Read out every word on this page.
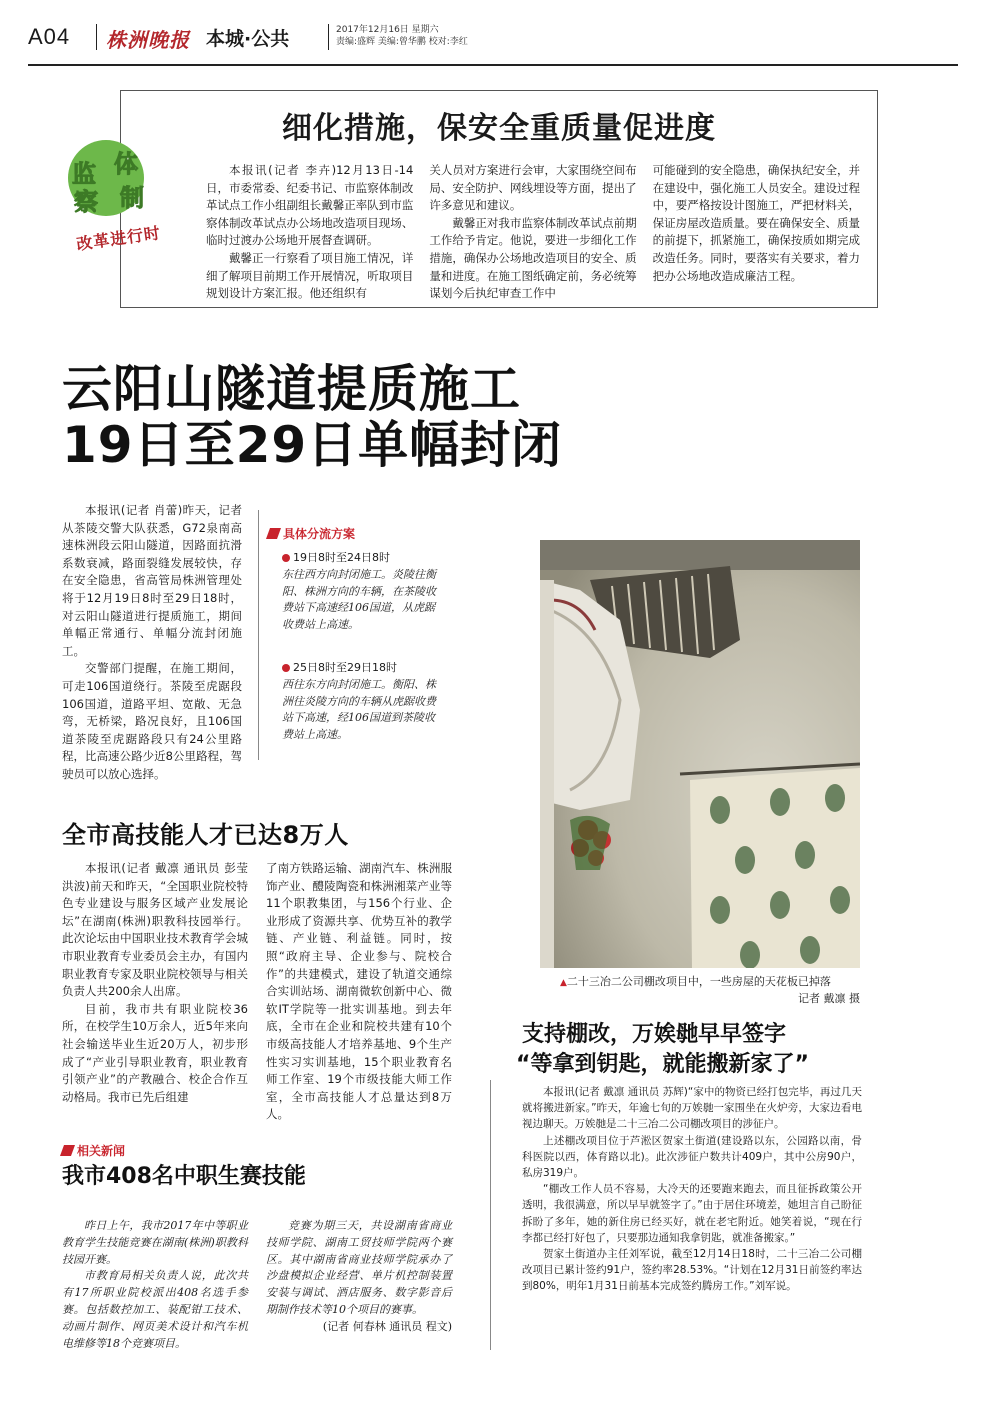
A04 株洲晚报 本城·公共	2017年12月16日 星期六
责编:盛辉 美编:曾华鹏 校对:李红
细化措施，保安全重质量促进度
监 体
察 制
改革进行时

本报讯(记者 李卉)12月13日-14日，市委常委、纪委书记、市监察体制改革试点工作小组副组长戴馨正率队到市监察体制改革试点办公场地改造项目现场、临时过渡办公场地开展督查调研。

戴馨正一行察看了项目施工情况，详细了解项目前期工作开展情况，听取项目规划设计方案汇报。他还组织有

关人员对方案进行会审，大家围绕空间布局、安全防护、网线埋设等方面，提出了许多意见和建议。

戴馨正对我市监察体制改革试点前期工作给予肯定。他说，要进一步细化工作措施，确保办公场地改造项目的安全、质量和进度。在施工图纸确定前，务必统筹谋划今后执纪审查工作中

可能碰到的安全隐患，确保执纪安全，并在建设中，强化施工人员安全。建设过程中，要严格按设计图施工，严把材料关，保证房屋改造质量。要在确保安全、质量的前提下，抓紧施工，确保按质如期完成改造任务。同时，要落实有关要求，着力把办公场地改造成廉洁工程。

云阳山隧道提质施工
19日至29日单幅封闭

本报讯(记者 肖蕾)昨天，记者从茶陵交警大队获悉，G72泉南高速株洲段云阳山隧道，因路面抗滑系数衰减，路面裂缝发展较快，存在安全隐患，省高管局株洲管理处将于12月19日8时至29日18时，对云阳山隧道进行提质施工，期间单幅正常通行、单幅分流封闭施工。

交警部门提醒，在施工期间，可走106国道绕行。茶陵至虎踞段106国道，道路平坦、宽敞、无急弯，无桥梁，路况良好，且106国道茶陵至虎踞路段只有24公里路程，比高速公路少近8公里路程，驾驶员可以放心选择。

具体分流方案
19日8时至24日8时
东往西方向封闭施工。炎陵往衡阳、株洲方向的车辆，在茶陵收费站下高速经106国道，从虎踞收费站上高速。
25日8时至29日18时
西往东方向封闭施工。衡阳、株洲往炎陵方向的车辆从虎踞收费站下高速，经106国道到茶陵收费站上高速。
▲二十三冶二公司棚改项目中，一些房屋的天花板已掉落
记者 戴凛 摄
全市高技能人才已达8万人

本报讯(记者 戴凛 通讯员 彭莹 洪波)前天和昨天，“全国职业院校特色专业建设与服务区域产业发展论坛”在湖南(株洲)职教科技园举行。此次论坛由中国职业技术教育学会城市职业教育专业委员会主办，有国内职业教育专家及职业院校领导与相关负责人共200余人出席。

目前，我市共有职业院校36所，在校学生10万余人，近5年来向社会输送毕业生近20万人，初步形成了“产业引导职业教育，职业教育引领产业”的产教融合、校企合作互动格局。我市已先后组建

了南方铁路运输、湖南汽车、株洲服饰产业、醴陵陶瓷和株洲湘菜产业等11个职教集团，与156个行业、企业形成了资源共享、优势互补的教学链、产业链、利益链。同时，按照“政府主导、企业参与、院校合作”的共建模式，建设了轨道交通综合实训站场、湖南微软创新中心、微软IT学院等一批实训基地。到去年底，全市在企业和院校共建有10个市级高技能人才培养基地、9个生产性实习实训基地，15个职业教育名师工作室、19个市级技能大师工作室，全市高技能人才总量达到8万人。

相关新闻
我市408名中职生赛技能

昨日上午，我市2017年中等职业教育学生技能竞赛在湖南(株洲)职教科技园开赛。

市教育局相关负责人说，此次共有17所职业院校派出408名选手参赛。包括数控加工、装配钳工技术、动画片制作、网页美术设计和汽车机电维修等18个竞赛项目。

竞赛为期三天，共设湖南省商业技师学院、湖南工贸技师学院两个赛区。其中湖南省商业技师学院承办了沙盘模拟企业经营、单片机控制装置安装与调试、酒店服务、数字影音后期制作技术等10个项目的赛事。

(记者 何春林 通讯员 程文)

支持棚改，万娭毑早早签字
“等拿到钥匙，就能搬新家了”

本报讯(记者 戴凛 通讯员 苏辉)“家中的物资已经打包完毕，再过几天就将搬进新家。”昨天，年逾七旬的万娭毑一家围坐在火炉旁，大家边看电视边聊天。万娭毑是二十三冶二公司棚改项目的涉征户。

上述棚改项目位于芦淞区贺家土街道(建设路以东，公园路以南，骨科医院以西，体育路以北)。此次涉征户数共计409户，其中公房90户，私房319户。

“棚改工作人员不容易，大冷天的还要跑来跑去，而且征拆政策公开透明，我很满意，所以早早就签字了。”由于居住环境差，她坦言自己盼征拆盼了多年，她的新住房已经买好，就在老宅附近。她笑着说，“现在行李都已经打好包了，只要那边通知我拿钥匙，就准备搬家。”

贺家土街道办主任刘军说，截至12月14日18时，二十三冶二公司棚改项目已累计签约91户，签约率28.53%。“计划在12月31日前签约率达到80%，明年1月31日前基本完成签约腾房工作。”刘军说。
